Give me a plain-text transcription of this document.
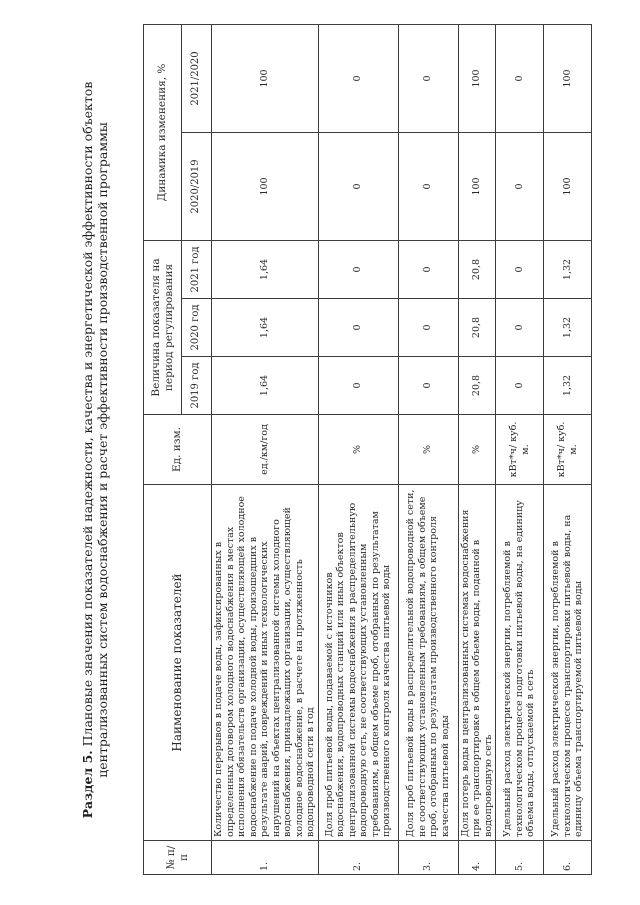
Раздел 5. Плановые значения показателей надежности, качества и энергетической эффективности объектов централизованных систем водоснабжения и расчет эффективности производственной программы
№ п/п	Наименование показателей	Ед. изм.	Величина показателя на период регулирования			Динамика изменения, %	
			2019 год	2020 год	2021 год	2020/2019	2021/2020
1.	Количество перерывов в подаче воды, зафиксированных в определенных договором холодного водоснабжения в местах исполнения обязательств организации, осуществляющей холодное водоснабжение по подаче холодной воды, произошедших в результате аварий, повреждений и иных технологических нарушений на объектах централизованной системы холодного водоснабжения, принадлежащих организации, осуществляющей холодное водоснабжение, в расчете на протяженность водопроводной сети в год	ед./км/год	1,64	1,64	1,64	100	100
2.	Доля проб питьевой воды, подаваемой с источников водоснабжения, водопроводных станций или иных объектов централизованной системы водоснабжения в распределительную водопроводную сеть, не соответствующих установленным требованиям, в общем объеме проб, отобранных по результатам производственного контроля качества питьевой воды	%	0	0	0	0	0
3.	Доля проб питьевой воды в распределительной водопроводной сети, не соответствующих установленным требованиям, в общем объеме проб, отобранных по результатам производственного контроля качества питьевой воды	%	0	0	0	0	0
4.	Доля потерь воды в централизованных системах водоснабжения при ее транспортировке в общем объеме воды, поданной в водопроводную сеть	%	20,8	20,8	20,8	100	100
5.	Удельный расход электрической энергии, потребляемой в технологическом процессе подготовки питьевой воды, на единицу объема воды, отпускаемой в сеть	кВт*ч/ куб. м.	0	0	0	0	0
6.	Удельный расход электрической энергии, потребляемой в технологическом процессе транспортировки питьевой воды, на единицу объема транспортируемой питьевой воды	кВт*ч/ куб. м.	1,32	1,32	1,32	100	100
